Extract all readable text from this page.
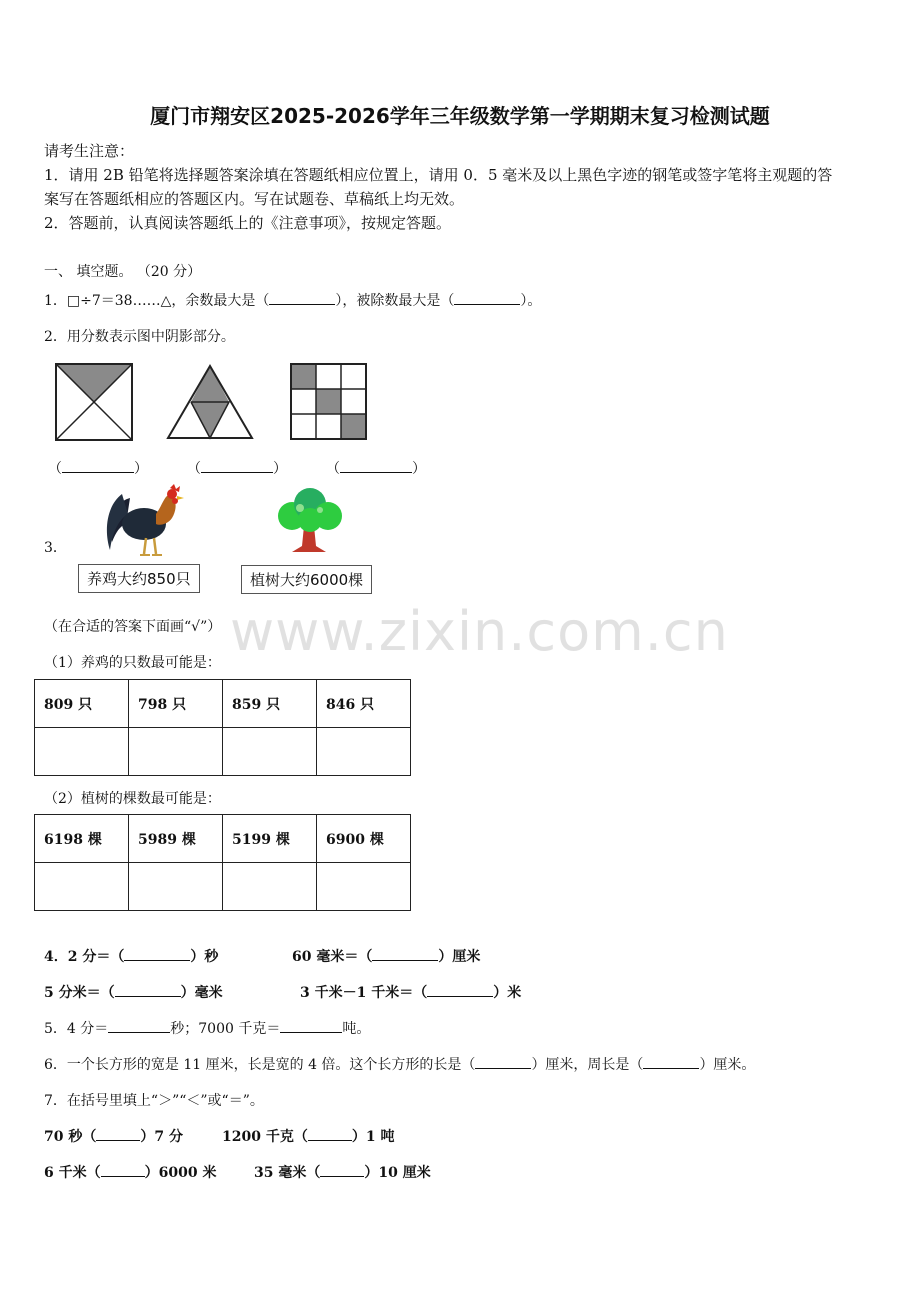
厦门市翔安区2025-2026学年三年级数学第一学期期末复习检测试题
请考生注意：
1．请用 2B 铅笔将选择题答案涂填在答题纸相应位置上，请用 0．5 毫米及以上黑色字迹的钢笔或签字笔将主观题的答
案写在答题纸相应的答题区内。写在试题卷、草稿纸上均无效。
2．答题前，认真阅读答题纸上的《注意事项》，按规定答题。
一、 填空题。 （20 分）
1．□÷7＝38……△，余数最大是（	），被除数最大是（	）。
2．用分数表示图中阴影部分。
（	）	（	）	（	）
3．
养鸡大约850只	植树大约6000棵
（在合适的答案下面画“√”）
（1）养鸡的只数最可能是：
809 只	798 只	859 只	846 只

（2）植树的棵数最可能是：
6198 棵	5989 棵	5199 棵	6900 棵

www.zixin.com.cn
4．2 分＝（	）秒	60 毫米＝（	）厘米
5 分米＝（	）毫米	3 千米－1 千米＝（	）米
5．4 分＝	秒；7000 千克＝	吨。
6．一个长方形的宽是 11 厘米，长是宽的 4 倍。这个长方形的长是（	）厘米，周长是（	）厘米。
7．在括号里填上“＞”“＜”或“＝”。
70 秒（	）7 分	1200 千克（	）1 吨
6 千米（	）6000 米	35 毫米（	）10 厘米
